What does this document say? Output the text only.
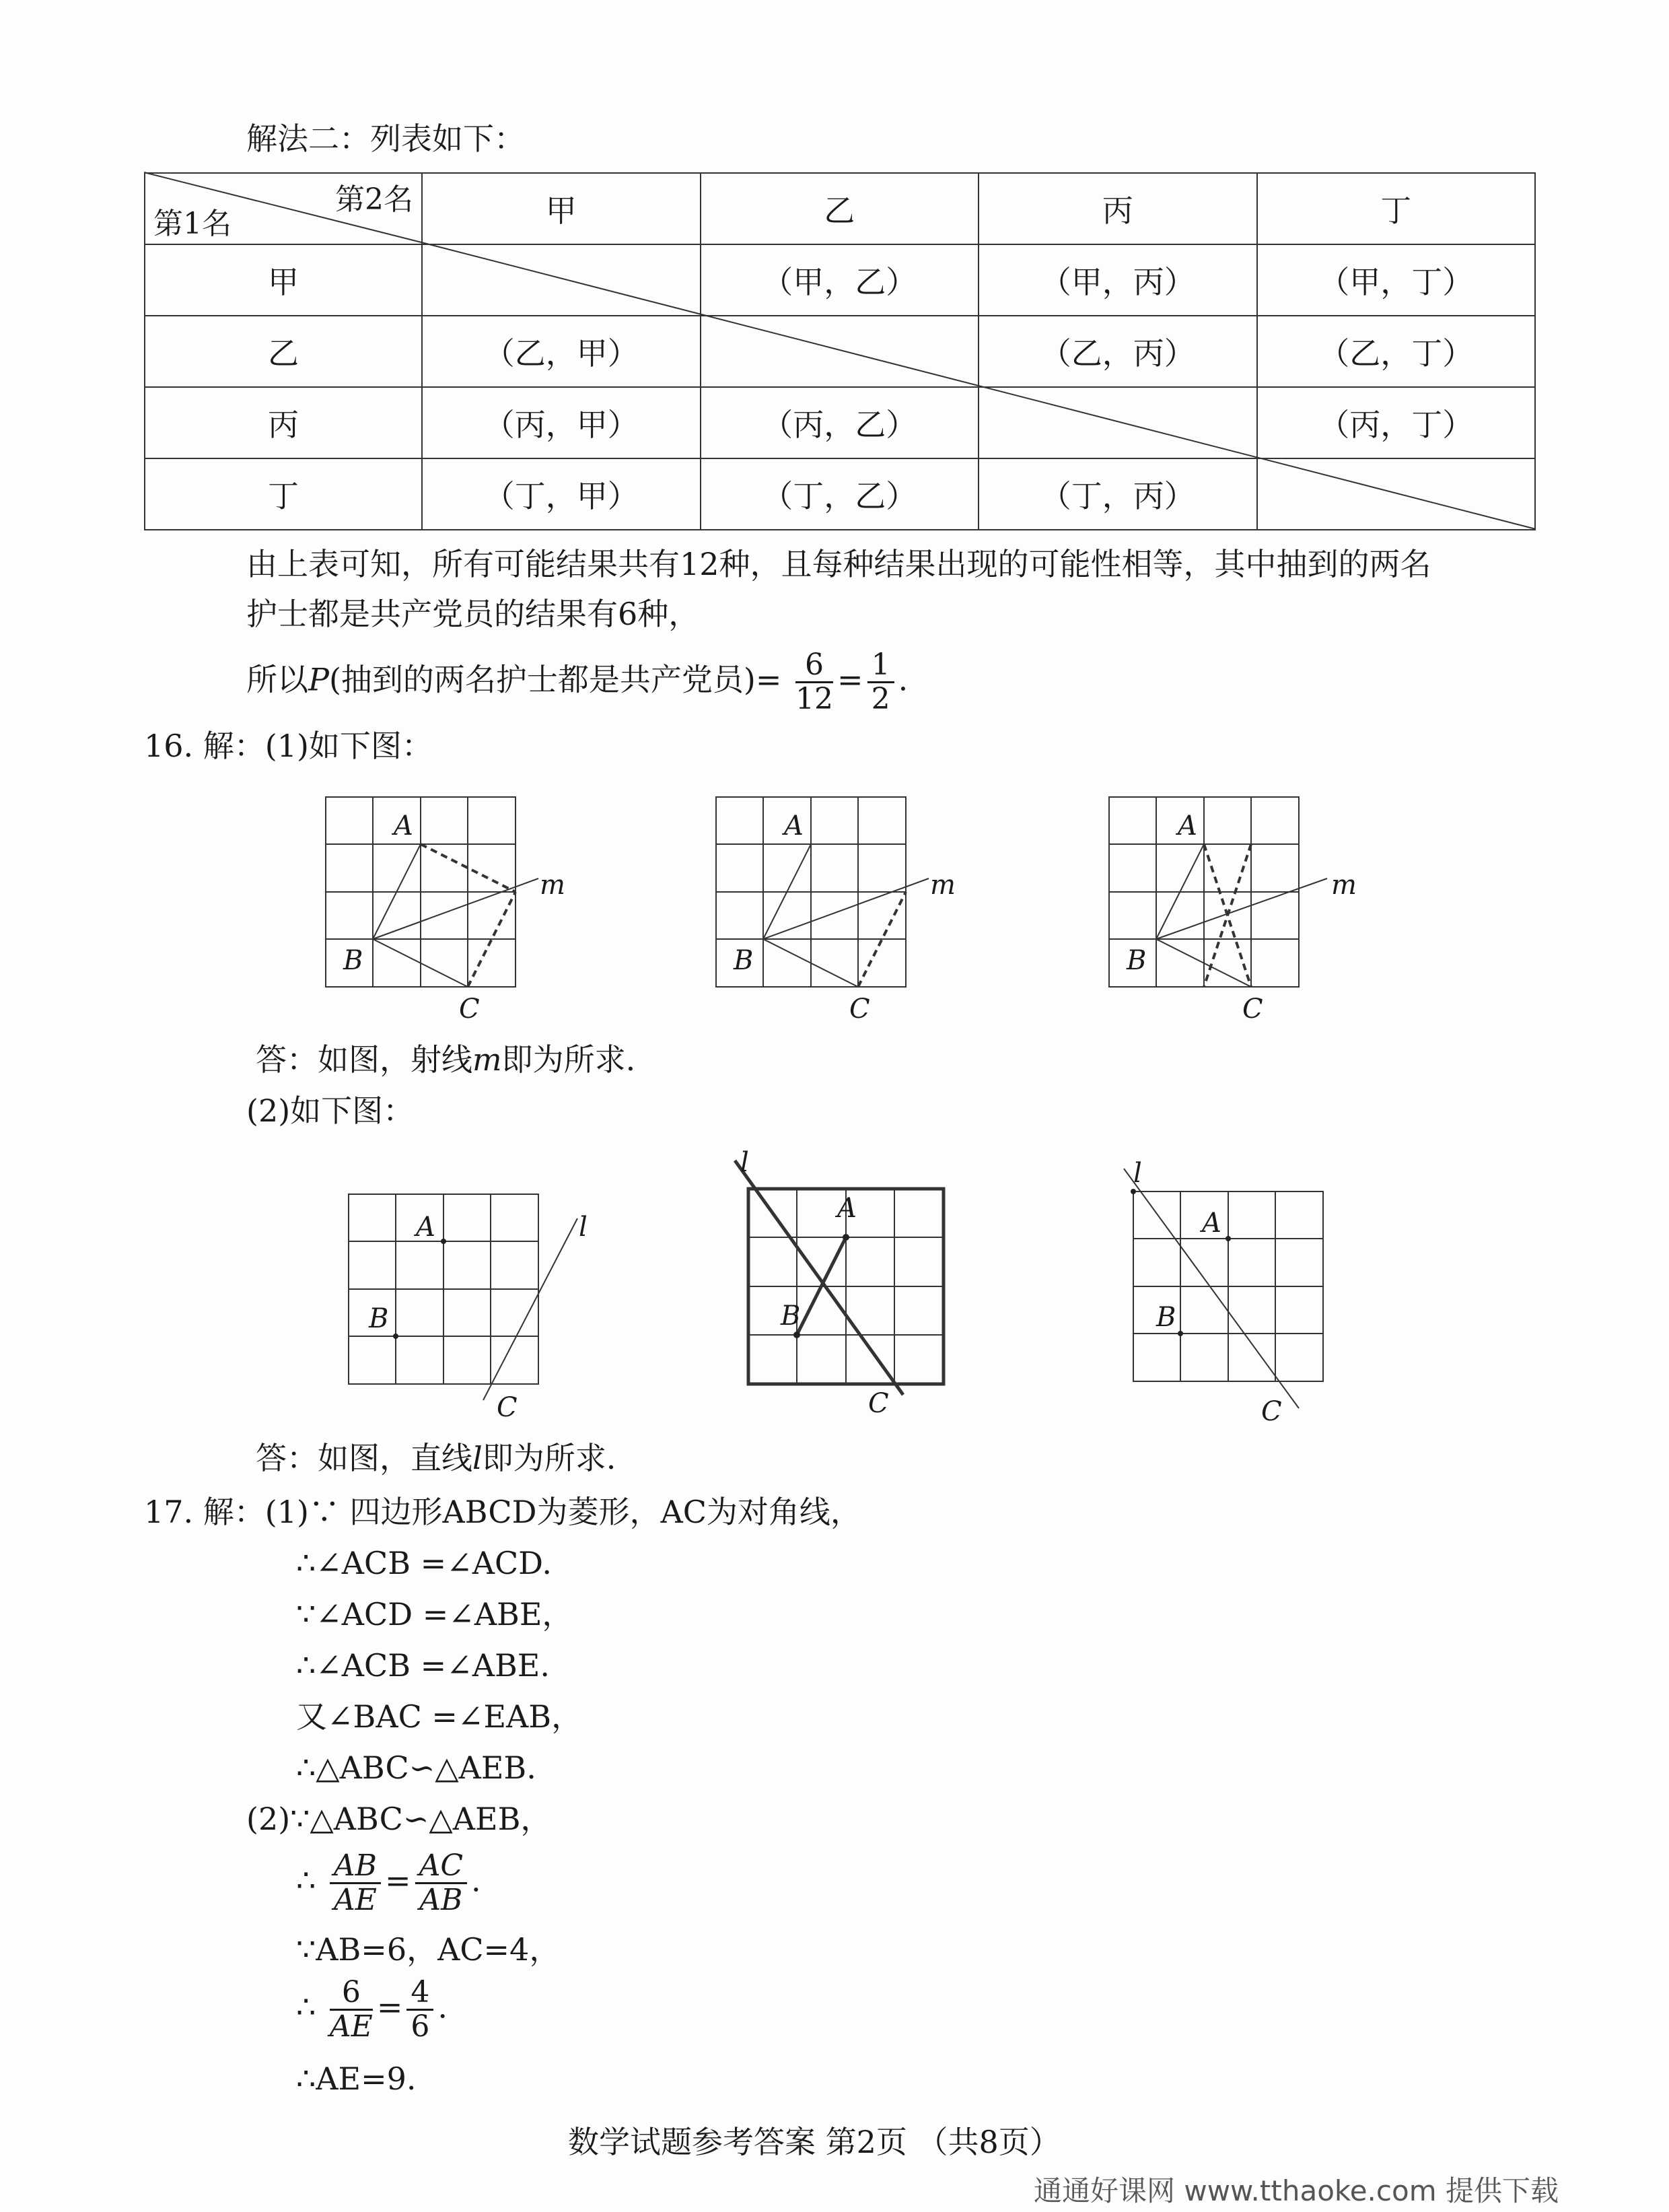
解法二：列表如下：
第2名
第1名	甲	乙	丙	丁
甲		（甲，乙）	（甲，丙）	（甲，丁）
乙	（乙，甲）		（乙，丙）	（乙，丁）
丙	（丙，甲）	（丙，乙）		（丙，丁）
丁	（丁，甲）	（丁，乙）	（丁，丙）	
由上表可知，所有可能结果共有12种，且每种结果出现的可能性相等，其中抽到的两名
护士都是共产党员的结果有6种，
所以P(抽到的两名护士都是共产党员)= $\frac{6}{12} = \frac{1}{2}$ .
16. 解：(1)如下图：
A
B
C
m
A
B
C
m
A
B
C
m
答：如图，射线m即为所求.
(2)如下图：
A
B
C
l
A
B
C
l
A
B
C
l
答：如图，直线l即为所求.
17. 解：(1)∵ 四边形ABCD为菱形，AC为对角线，
∴∠ACB =∠ACD.
∵∠ACD =∠ABE，
∴∠ACB =∠ABE.
又∠BAC =∠EAB，
∴△ABC∽△AEB.
(2)∵△ABC∽△AEB，
∴ $\frac{AB}{AE} = \frac{AC}{AB}$ .
∵AB=6，AC=4，
∴ $\frac{6}{AE} = \frac{4}{6}$ .
∴AE=9.
数学试题参考答案 第2页 （共8页）
通通好课网 www.tthaoke.com 提供下载
